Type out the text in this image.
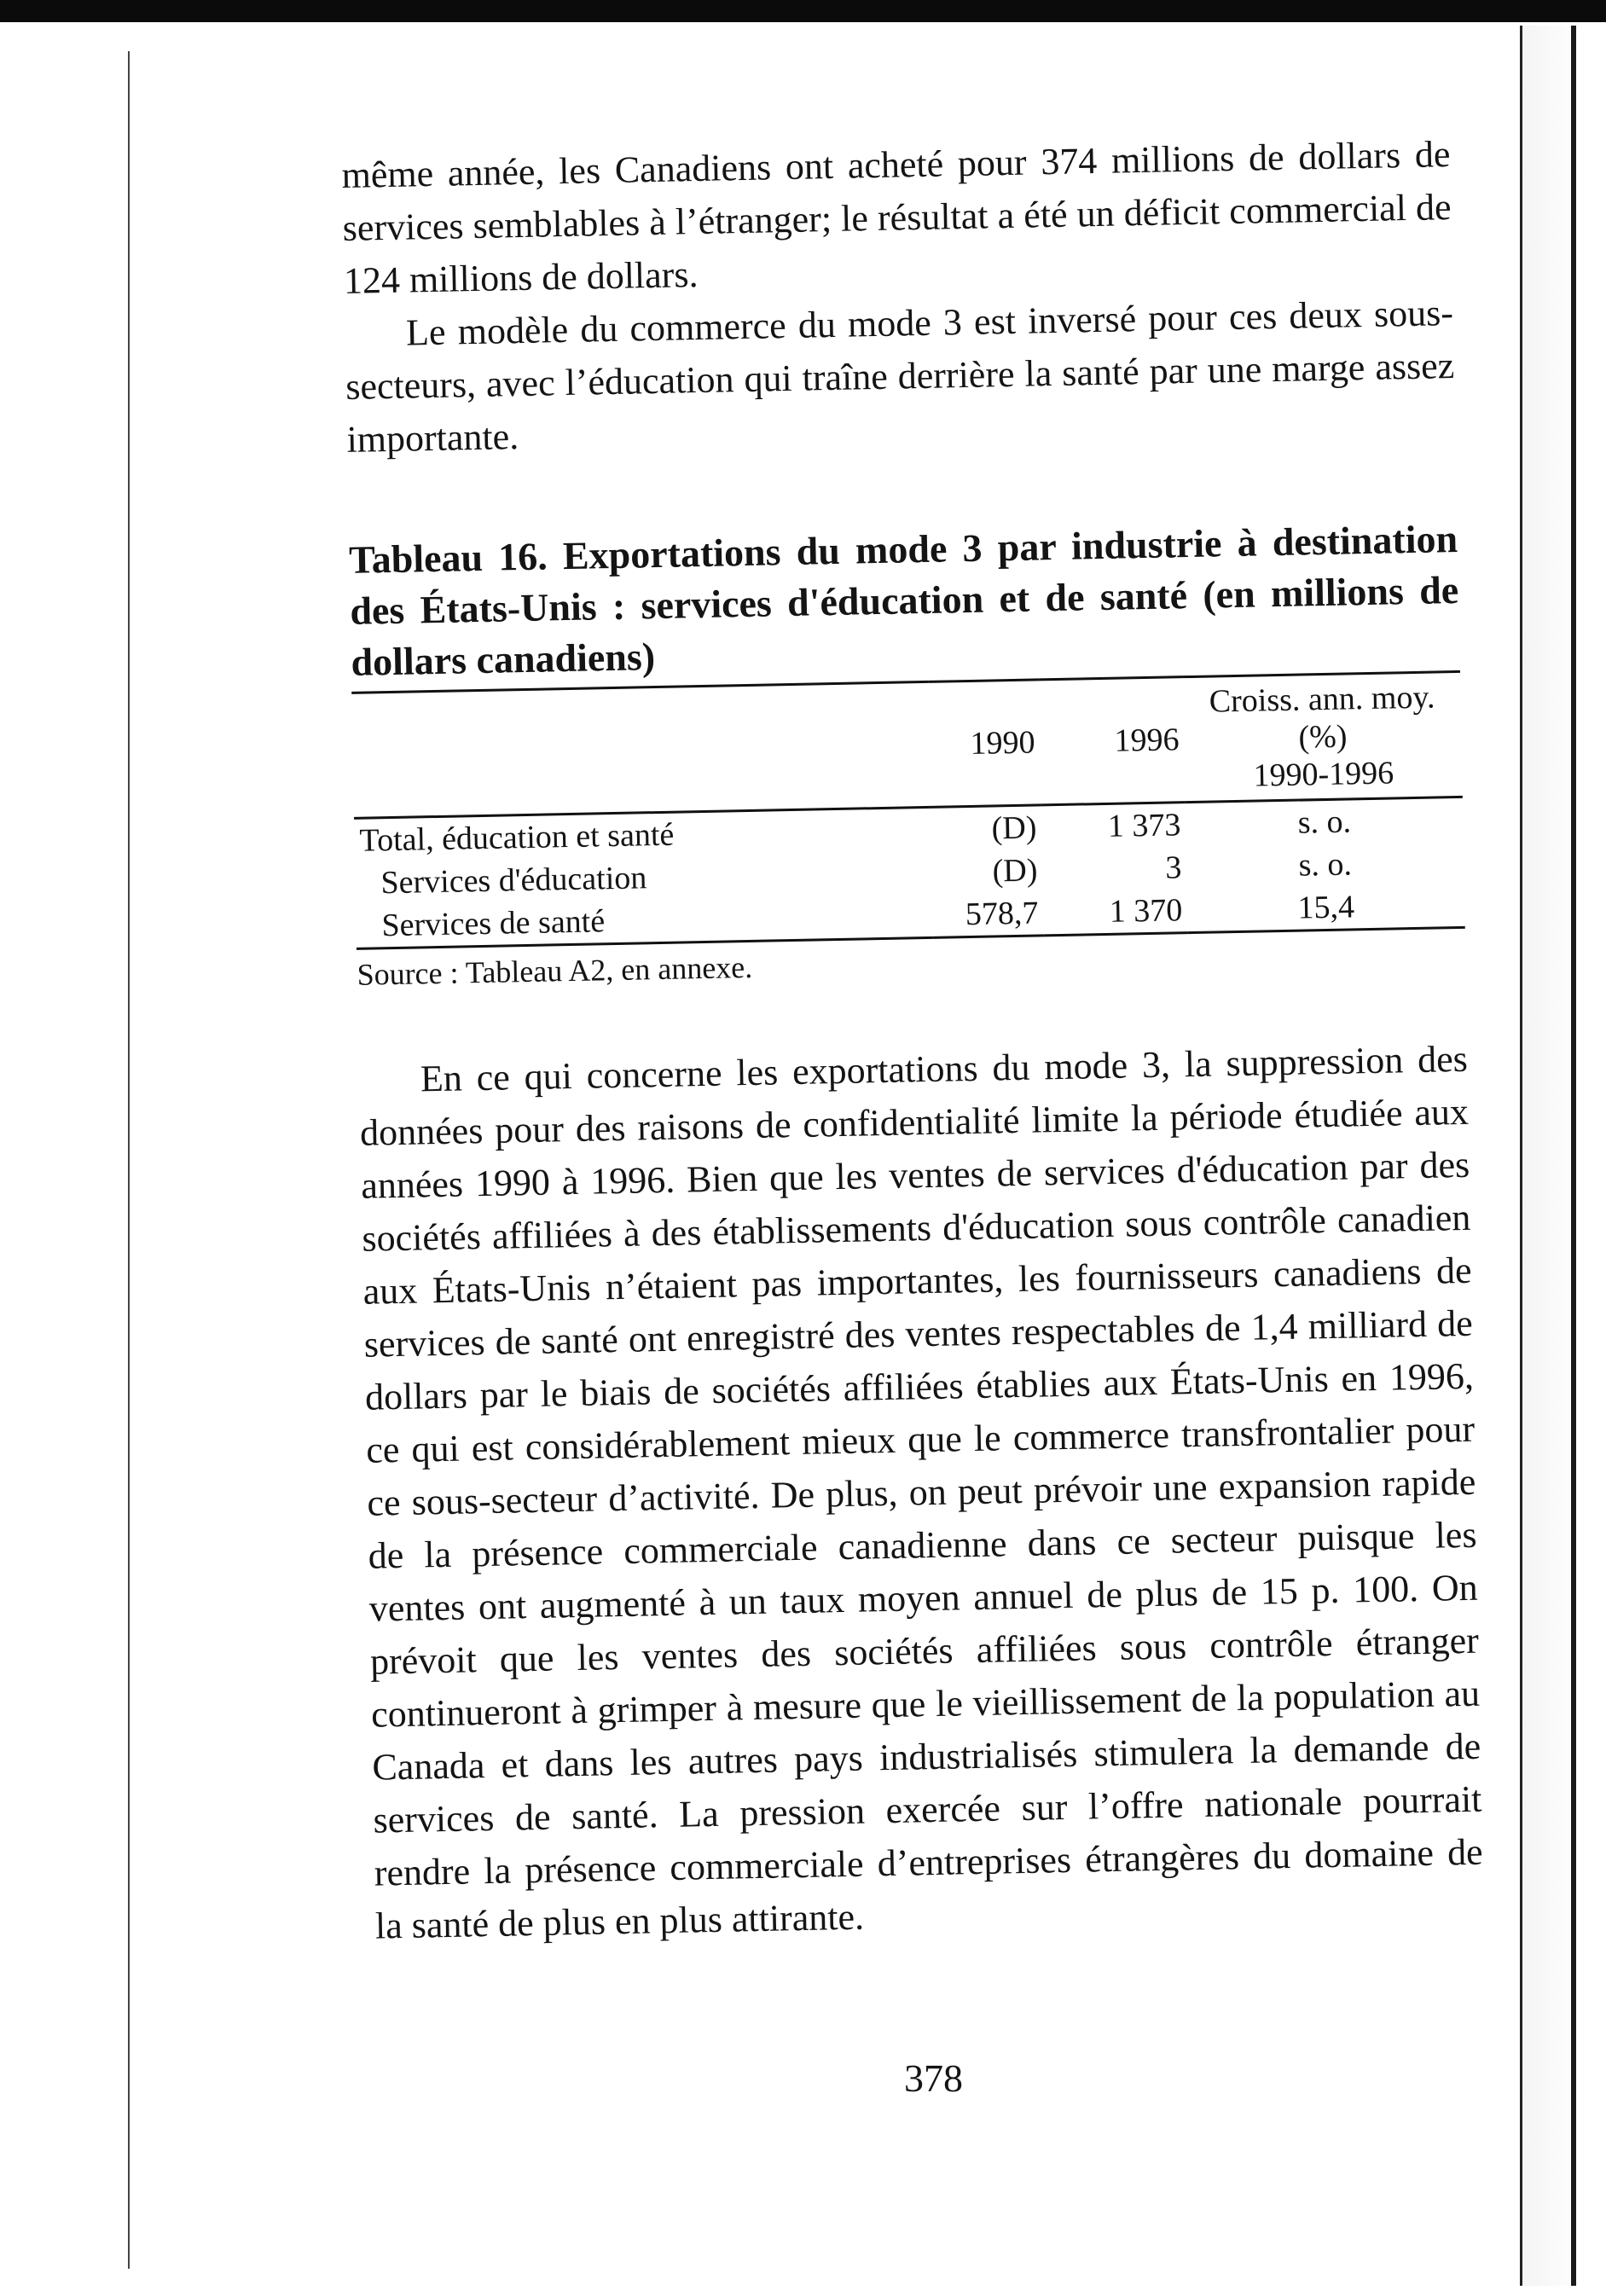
même année, les Canadiens ont acheté pour 374 millions de dollars de services semblables à l’étranger; le résultat a été un déficit commercial de 124 millions de dollars.

Le modèle du commerce du mode 3 est inversé pour ces deux sous-secteurs, avec l’éducation qui traîne derrière la santé par une marge assez importante.

Tableau 16. Exportations du mode 3 par industrie à destination des États-Unis : services d'éducation et de santé (en millions de dollars canadiens)

	1990	1996	Croiss. ann. moy. (%)
1990-1996

Total, éducation et santé	(D)	1 373	s. o.
Services d'éducation	(D)	3	s. o.
Services de santé	578,7	1 370	15,4
Source : Tableau A2, en annexe.

En ce qui concerne les exportations du mode 3, la suppression des données pour des raisons de confidentialité limite la période étudiée aux années 1990 à 1996. Bien que les ventes de services d'éducation par des sociétés affiliées à des établissements d'éducation sous contrôle canadien aux États-Unis n’étaient pas importantes, les fournisseurs canadiens de services de santé ont enregistré des ventes respectables de 1,4 milliard de dollars par le biais de sociétés affiliées établies aux États-Unis en 1996, ce qui est considérablement mieux que le commerce transfrontalier pour ce sous-secteur d’activité. De plus, on peut prévoir une expansion rapide de la présence commerciale canadienne dans ce secteur puisque les ventes ont augmenté à un taux moyen annuel de plus de 15 p. 100. On prévoit que les ventes des sociétés affiliées sous contrôle étranger continueront à grimper à mesure que le vieillissement de la population au Canada et dans les autres pays industrialisés stimulera la demande de services de santé. La pression exercée sur l’offre nationale pourrait rendre la présence commerciale d’entreprises étrangères du domaine de la santé de plus en plus attirante.

378
